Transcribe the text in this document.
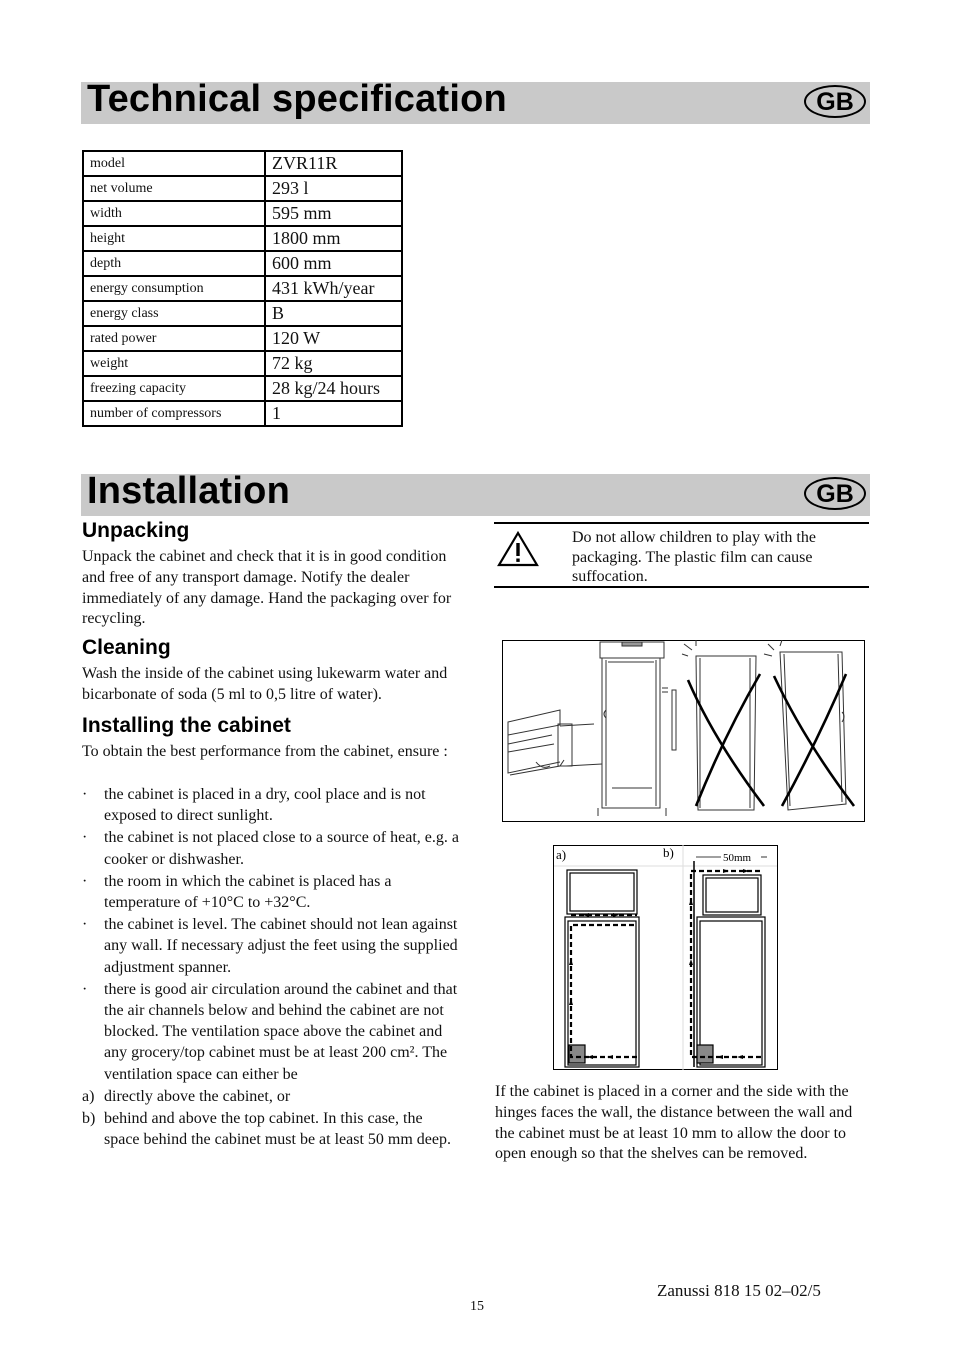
Technical specification	GB
model	ZVR11R
net volume	293 l
width	595 mm
height	1800 mm
depth	600 mm
energy consumption	431 kWh/year
energy class	B
rated power	120 W
weight	72 kg
freezing capacity	28 kg/24 hours
number of compressors	1
Installation	GB
Unpacking

Unpack the cabinet and check that it is in good condition and free of any transport damage. Notify the dealer immediately of any damage. Hand the packaging over for recycling.

Cleaning

Wash the inside of the cabinet using lukewarm water and bicarbonate of soda (5 ml to 0,5 litre of water).

Installing the cabinet

To obtain the best performance from the cabinet, ensure :

· the cabinet is placed in a dry, cool place and is not exposed to direct sunlight.
· the cabinet is not placed close to a source of heat, e.g. a cooker or dishwasher.
· the room in which the cabinet is placed has a temperature of +10°C to +32°C.
· the cabinet is level. The cabinet should not lean against any wall. If necessary adjust the feet using the supplied adjustment spanner.
· there is good air circulation around the cabinet and that the air channels below and behind the cabinet are not blocked. The ventilation space above the cabinet and any grocery/top cabinet must be at least 200 cm². The ventilation space can either be
a) directly above the cabinet, or
b) behind and above the top cabinet. In this case, the space behind the cabinet must be at least 50 mm deep.

Do not allow children to play with the packaging. The plastic film can cause suffocation.

a)	b)	50mm

If the cabinet is placed in a corner and the side with the hinges faces the wall, the distance between the wall and the cabinet must be at least 10 mm to allow the door to open enough so that the shelves can be removed.

Zanussi 818 15 02–02/5
15
